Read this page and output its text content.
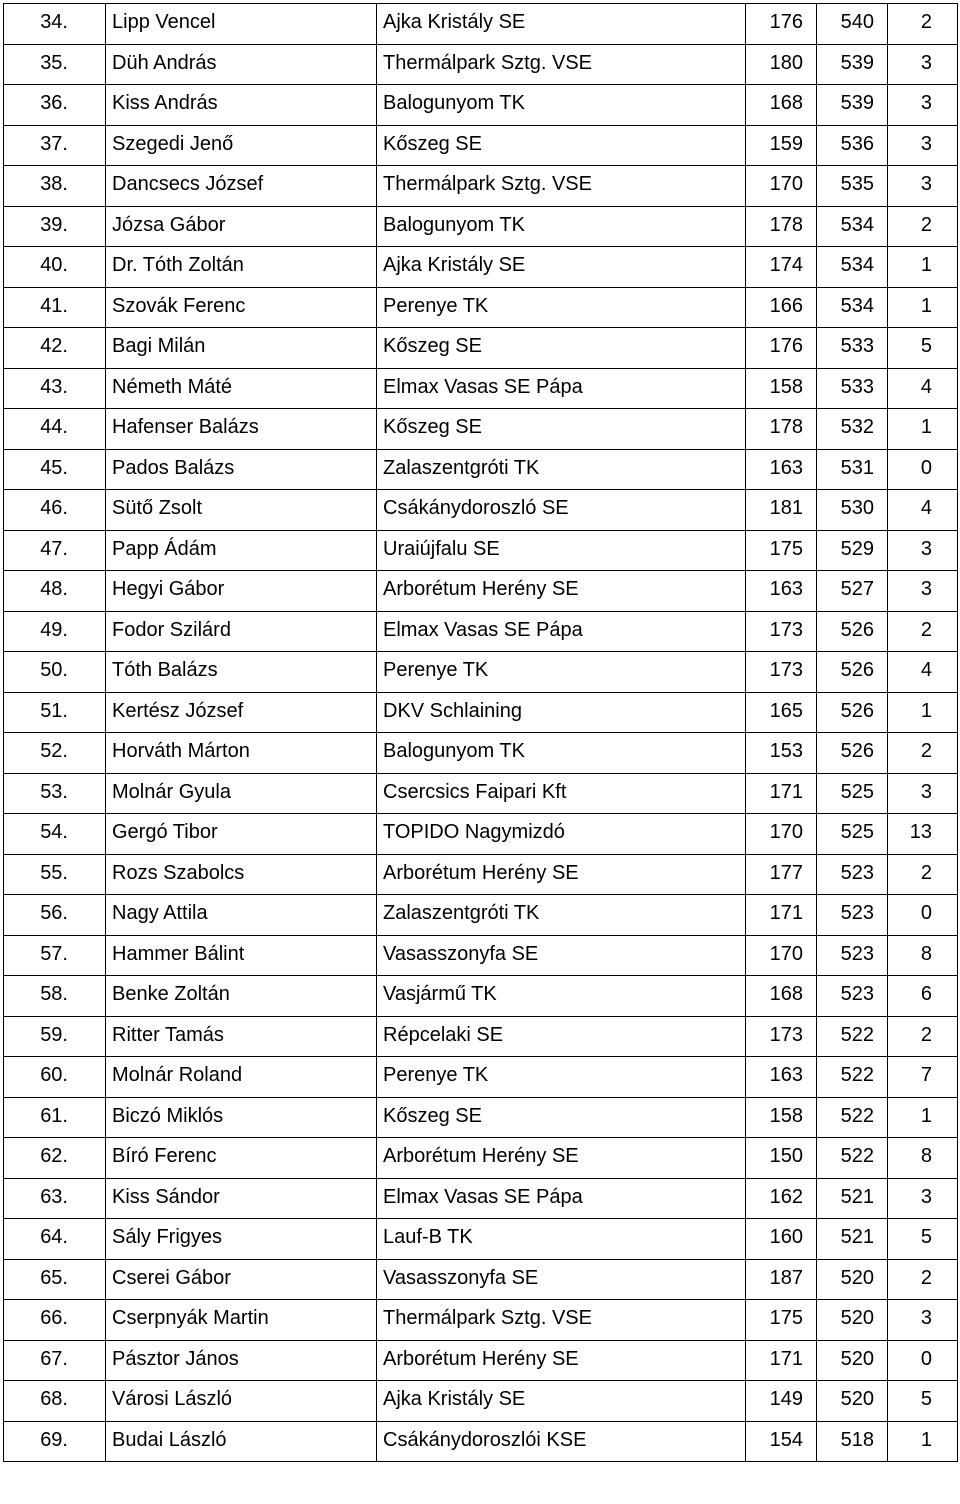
34.	Lipp Vencel	Ajka Kristály SE	176	540	2
35.	Düh András	Thermálpark Sztg. VSE	180	539	3
36.	Kiss András	Balogunyom TK	168	539	3
37.	Szegedi Jenő	Kőszeg SE	159	536	3
38.	Dancsecs József	Thermálpark Sztg. VSE	170	535	3
39.	Józsa Gábor	Balogunyom TK	178	534	2
40.	Dr. Tóth Zoltán	Ajka Kristály SE	174	534	1
41.	Szovák Ferenc	Perenye TK	166	534	1
42.	Bagi Milán	Kőszeg SE	176	533	5
43.	Németh Máté	Elmax Vasas SE Pápa	158	533	4
44.	Hafenser Balázs	Kőszeg SE	178	532	1
45.	Pados Balázs	Zalaszentgróti TK	163	531	0
46.	Sütő Zsolt	Csákánydoroszló SE	181	530	4
47.	Papp Ádám	Uraiújfalu SE	175	529	3
48.	Hegyi Gábor	Arborétum Herény SE	163	527	3
49.	Fodor Szilárd	Elmax Vasas SE Pápa	173	526	2
50.	Tóth Balázs	Perenye TK	173	526	4
51.	Kertész József	DKV Schlaining	165	526	1
52.	Horváth Márton	Balogunyom TK	153	526	2
53.	Molnár Gyula	Csercsics Faipari Kft	171	525	3
54.	Gergó Tibor	TOPIDO Nagymizdó	170	525	13
55.	Rozs Szabolcs	Arborétum Herény SE	177	523	2
56.	Nagy Attila	Zalaszentgróti TK	171	523	0
57.	Hammer Bálint	Vasasszonyfa SE	170	523	8
58.	Benke Zoltán	Vasjármű TK	168	523	6
59.	Ritter Tamás	Répcelaki SE	173	522	2
60.	Molnár Roland	Perenye TK	163	522	7
61.	Biczó Miklós	Kőszeg SE	158	522	1
62.	Bíró Ferenc	Arborétum Herény SE	150	522	8
63.	Kiss Sándor	Elmax Vasas SE Pápa	162	521	3
64.	Sály Frigyes	Lauf-B TK	160	521	5
65.	Cserei Gábor	Vasasszonyfa SE	187	520	2
66.	Cserpnyák Martin	Thermálpark Sztg. VSE	175	520	3
67.	Pásztor János	Arborétum Herény SE	171	520	0
68.	Városi László	Ajka Kristály SE	149	520	5
69.	Budai László	Csákánydoroszlói KSE	154	518	1
